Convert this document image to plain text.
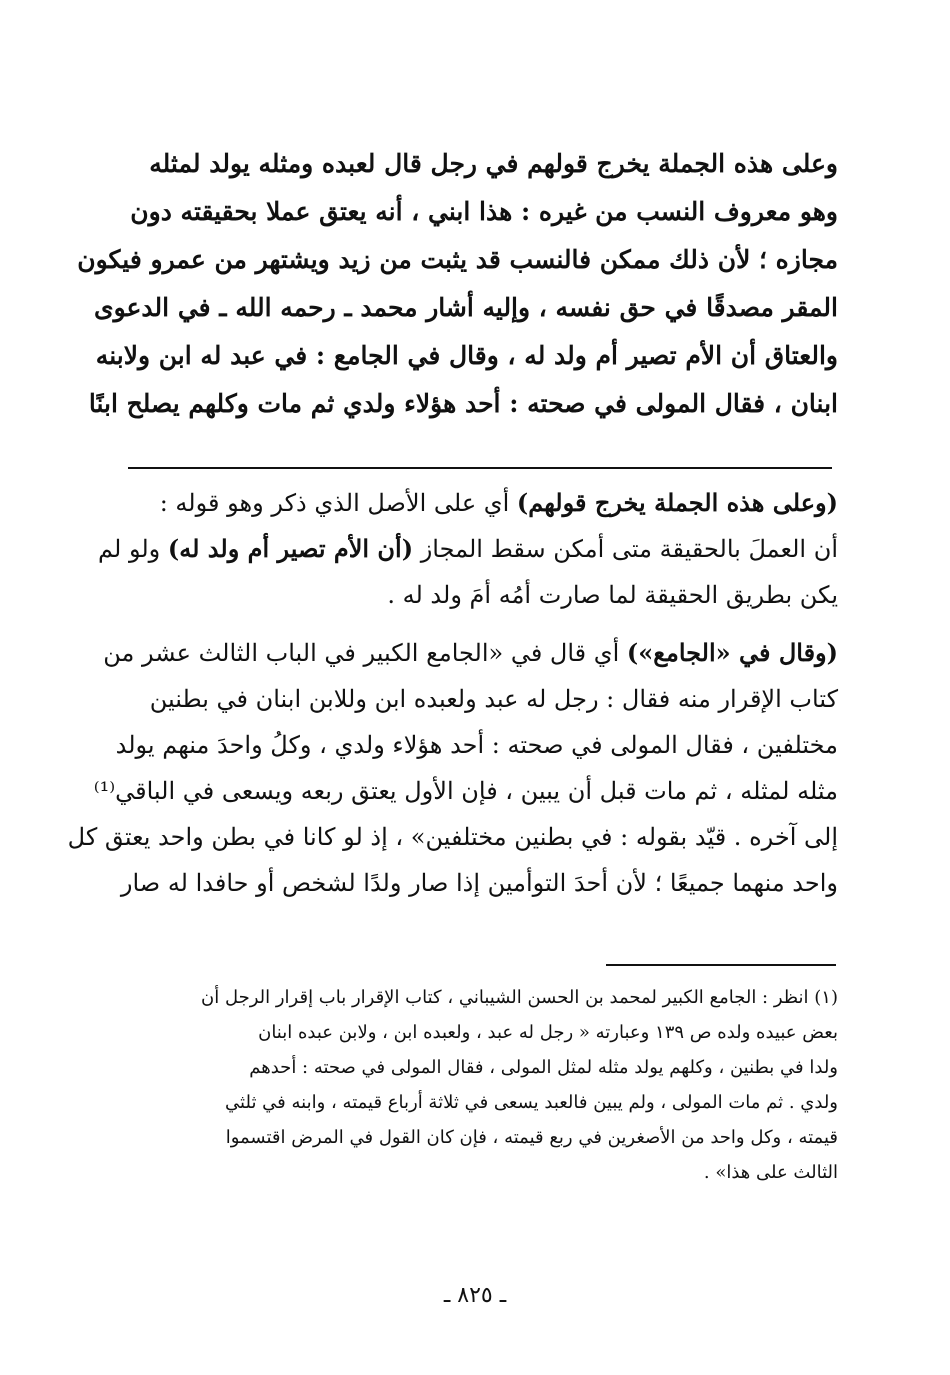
وعلى هذه الجملة يخرج قولهم في رجل قال لعبده ومثله يولد لمثله
وهو معروف النسب من غيره : هذا ابني ، أنه يعتق عملا بحقيقته دون
مجازه ؛ لأن ذلك ممكن فالنسب قد يثبت من زيد ويشتهر من عمرو فيكون
المقر مصدقًا في حق نفسه ، وإليه أشار محمد ـ رحمه الله ـ في الدعوى
والعتاق أن الأم تصير أم ولد له ، وقال في الجامع : في عبد له ابن ولابنه
ابنان ، فقال المولى في صحته : أحد هؤلاء ولدي ثم مات وكلهم يصلح ابنًا
(وعلى هذه الجملة يخرج قولهم) أي على الأصل الذي ذكر وهو قوله :
أن العملَ بالحقيقة متى أمكن سقط المجاز (أن الأم تصير أم ولد له) ولو لم
يكن بطريق الحقيقة لما صارت أمُه أمَ ولد له .
(وقال في «الجامع») أي قال في «الجامع الكبير في الباب الثالث عشر من
كتاب الإقرار منه فقال : رجل له عبد ولعبده ابن وللابن ابنان في بطنين
مختلفين ، فقال المولى في صحته : أحد هؤلاء ولدي ، وكلُ واحدَ منهم يولد
مثله لمثله ، ثم مات قبل أن يبين ، فإن الأول يعتق ربعه ويسعى في الباقي⁽¹⁾
إلى آخره . قيّد بقوله : في بطنين مختلفين» ، إذ لو كانا في بطن واحد يعتق كل
واحد منهما جميعًا ؛ لأن أحدَ التوأمين إذا صار ولدًا لشخص أو حافدا له صار
(١) انظر : الجامع الكبير لمحمد بن الحسن الشيباني ، كتاب الإقرار باب إقرار الرجل أن
بعض عبيده ولده ص ١٣٩ وعبارته « رجل له عبد ، ولعبده ابن ، ولابن عبده ابنان
ولدا في بطنين ، وكلهم يولد مثله لمثل المولى ، فقال المولى في صحته : أحدهم
ولدي . ثم مات المولى ، ولم يبين فالعبد يسعى في ثلاثة أرباع قيمته ، وابنه في ثلثي
قيمته ، وكل واحد من الأصغرين في ربع قيمته ، فإن كان القول في المرض اقتسموا
الثالث على هذا» .
ـ ٨٢٥ ـ
